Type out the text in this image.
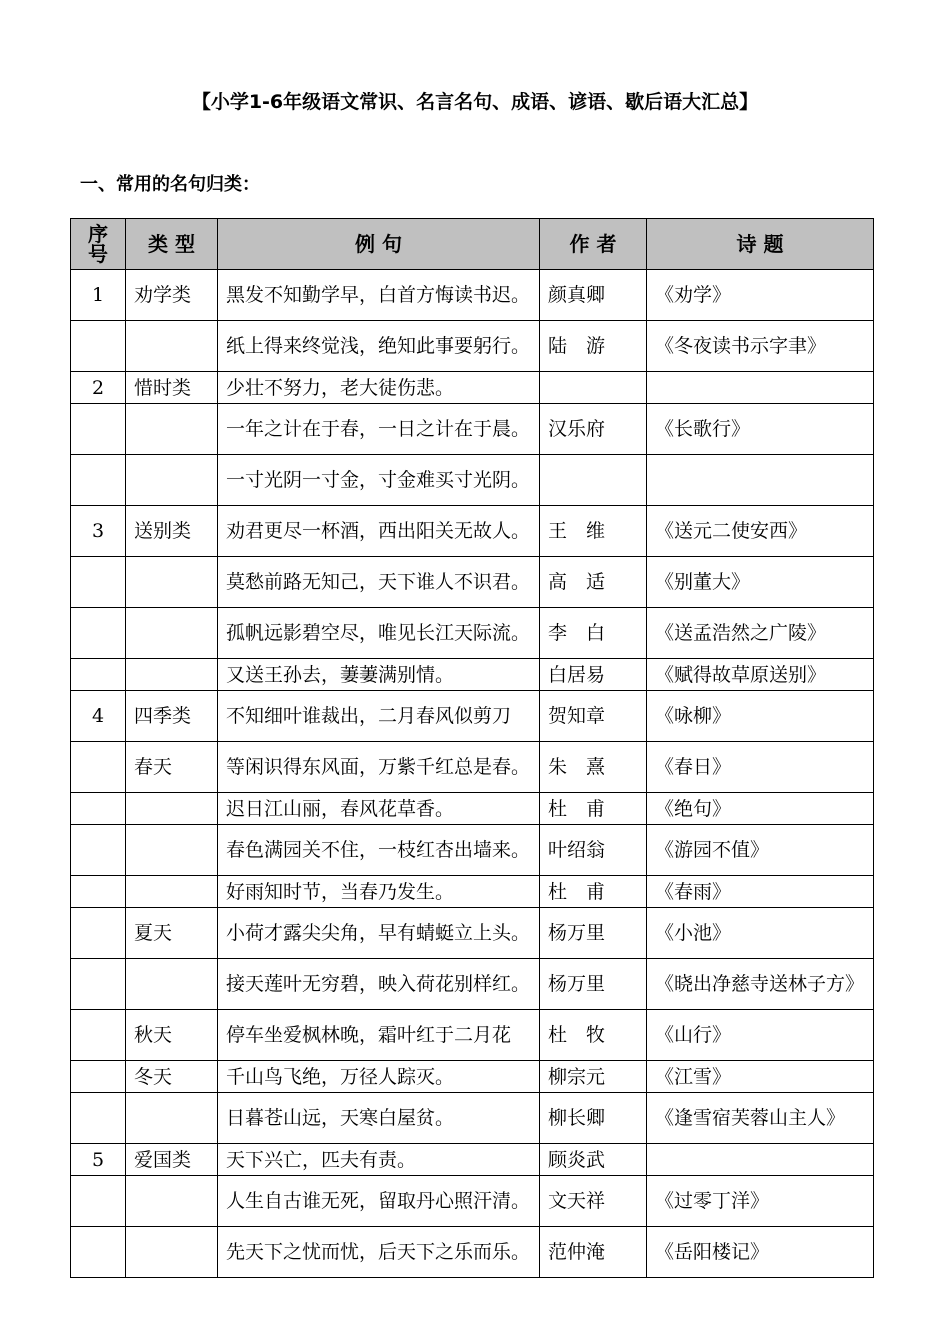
【小学1-6年级语文常识、名言名句、成语、谚语、歇后语大汇总】
一、常用的名句归类：
序
号	类 型	例 句	作 者	诗 题
1	劝学类	黑发不知勤学早，白首方悔读书迟。	颜真卿	《劝学》
		纸上得来终觉浅，绝知此事要躬行。	陆　游	《冬夜读书示字聿》
2	惜时类	少壮不努力，老大徒伤悲。		
		一年之计在于春，一日之计在于晨。	汉乐府	《长歌行》
		一寸光阴一寸金，寸金难买寸光阴。		
3	送别类	劝君更尽一杯酒，西出阳关无故人。	王　维	《送元二使安西》
		莫愁前路无知己，天下谁人不识君。	高　适	《别董大》
		孤帆远影碧空尽，唯见长江天际流。	李　白	《送孟浩然之广陵》
		又送王孙去，萋萋满别情。	白居易	《赋得故草原送别》
4	四季类	不知细叶谁裁出，二月春风似剪刀	贺知章	《咏柳》
	春天	等闲识得东风面，万紫千红总是春。	朱　熹	《春日》
		迟日江山丽，春风花草香。	杜　甫	《绝句》
		春色满园关不住，一枝红杏出墙来。	叶绍翁	《游园不值》
		好雨知时节，当春乃发生。	杜　甫	《春雨》
	夏天	小荷才露尖尖角，早有蜻蜓立上头。	杨万里	《小池》
		接天莲叶无穷碧，映入荷花别样红。	杨万里	《晓出净慈寺送林子方》
	秋天	停车坐爱枫林晚，霜叶红于二月花	杜　牧	《山行》
	冬天	千山鸟飞绝，万径人踪灭。	柳宗元	《江雪》
		日暮苍山远，天寒白屋贫。	柳长卿	《逢雪宿芙蓉山主人》
5	爱国类	天下兴亡，匹夫有责。	顾炎武	
		人生自古谁无死，留取丹心照汗清。	文天祥	《过零丁洋》
		先天下之忧而忧，后天下之乐而乐。	范仲淹	《岳阳楼记》
